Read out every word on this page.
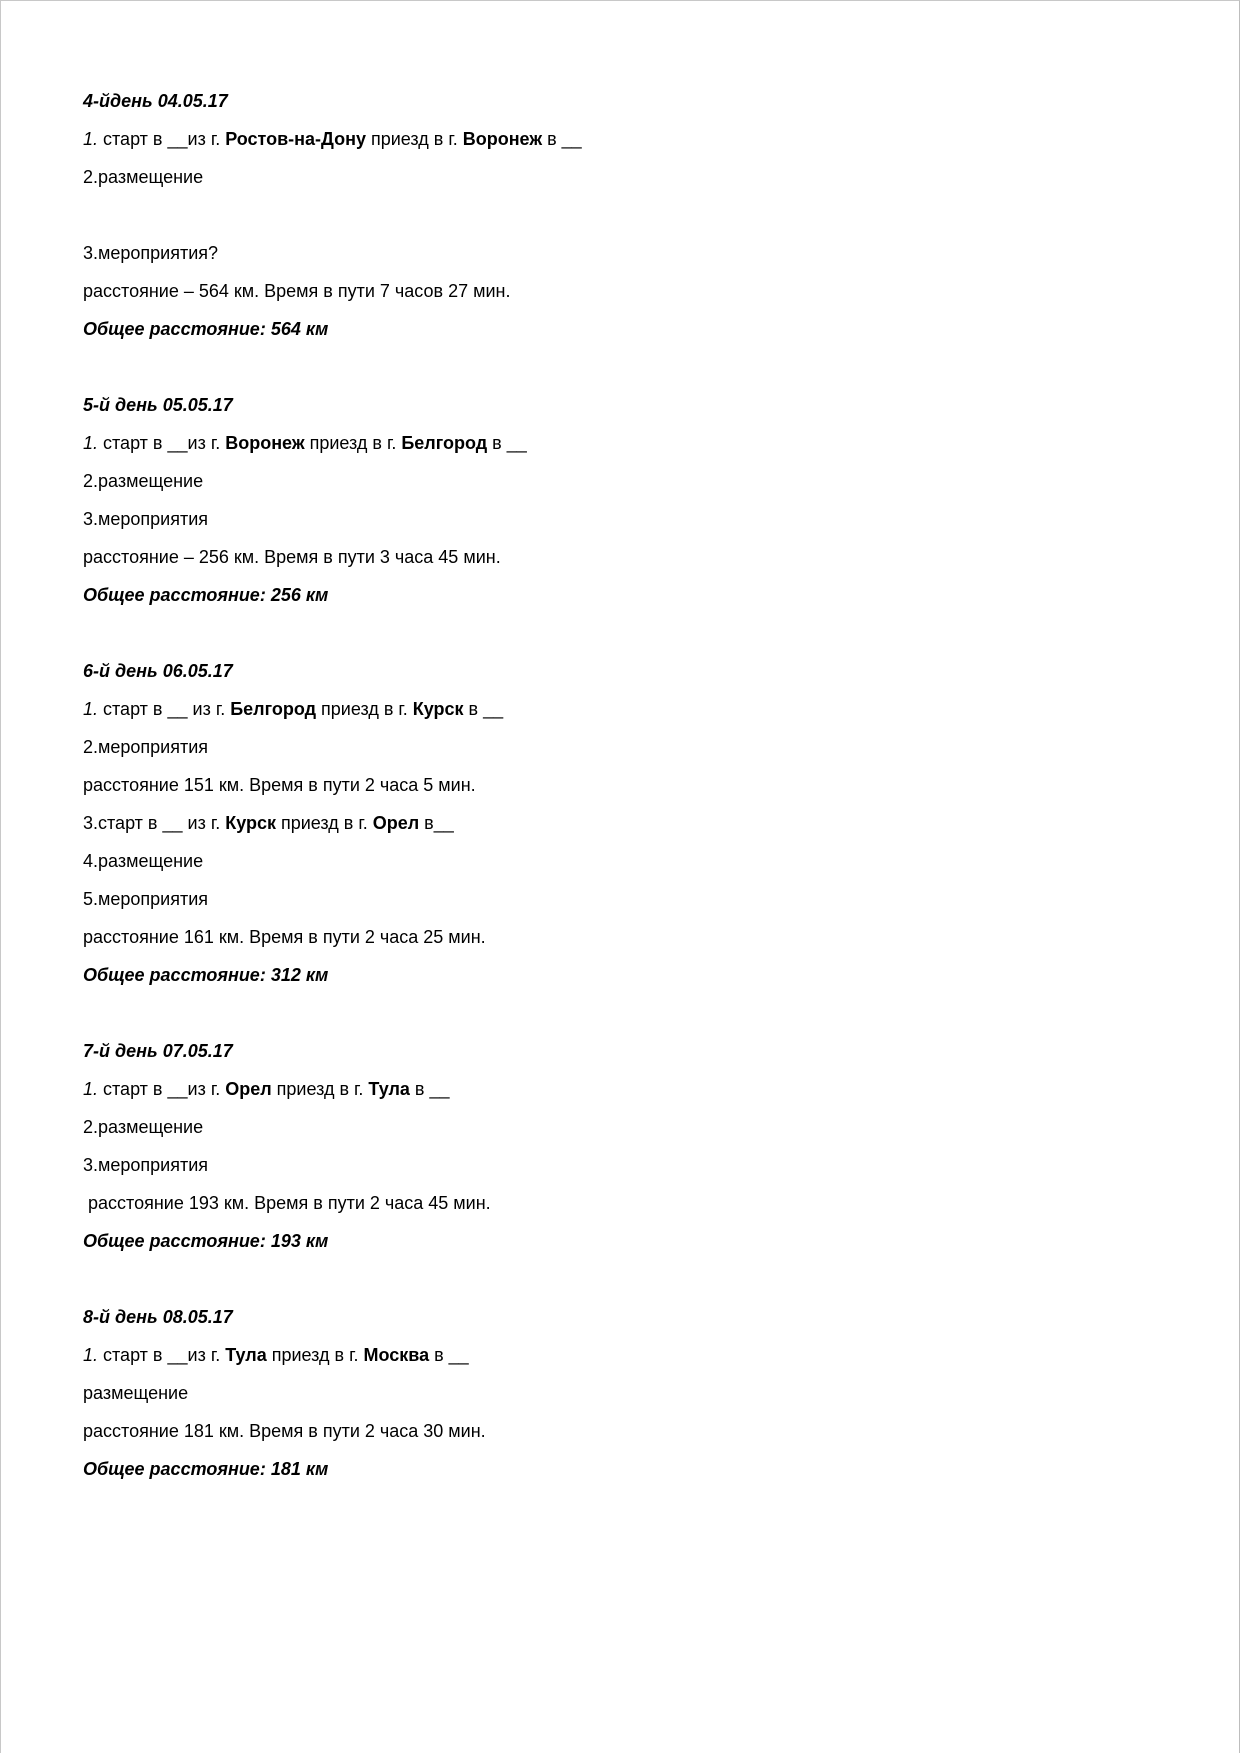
4-йдень 04.05.17
1. старт в __из г. Ростов-на-Дону приезд в г. Воронеж в __
2.размещение
3.мероприятия?
расстояние – 564 км. Время в пути 7 часов 27 мин.
Общее расстояние: 564 км
5-й день 05.05.17
1. старт в __из г. Воронеж приезд в г. Белгород в __
2.размещение
3.мероприятия
расстояние – 256 км. Время в пути 3 часа 45 мин.
Общее расстояние: 256 км
6-й день 06.05.17
1. старт в __ из г. Белгород приезд в г. Курск в __
2.мероприятия
расстояние 151 км. Время в пути 2 часа 5 мин.
3.старт в __ из г. Курск приезд в г. Орел в__
4.размещение
5.мероприятия
расстояние 161 км. Время в пути 2 часа 25 мин.
Общее расстояние: 312 км
7-й день 07.05.17
1. старт в __из г. Орел приезд в г. Тула в __
2.размещение
3.мероприятия
расстояние 193 км. Время в пути 2 часа 45 мин.
Общее расстояние: 193 км
8-й день 08.05.17
1. старт в __из г. Тула приезд в г. Москва в __
размещение
расстояние 181 км. Время в пути 2 часа 30 мин.
Общее расстояние: 181 км
